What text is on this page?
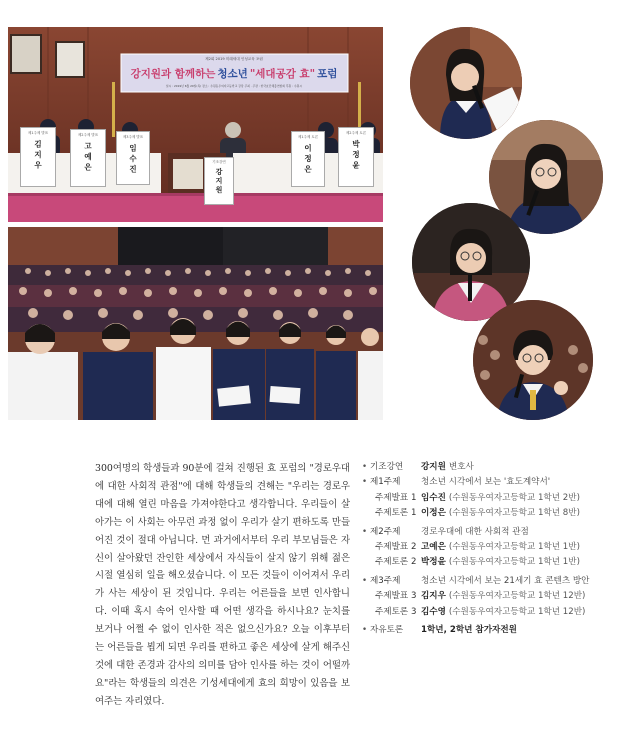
제2회 2019 미래세대 인성교육 포럼
강지원과 함께하는 청소년 "세대공감 효" 포럼
일시 : 2019년 6월 20일(목) 장소 : 수원동우여자고등학교 강당 주최 · 주관 : 한국효단체총연합회 후원 : 수원시
제1주제 발표
김지우
제2주제 발표
고예은
제3주제 발표
임수진	기조강연
강지원
제1주제 토론
이정은
제2주제 토론
박정윤

300여명의 학생들과 90분에 걸쳐 진행된 효 포럼의 "경로우대에 대한 사회적 관점"에 대해 학생들의 견해는 "우리는 경로우대에 대해 열린 마음을 가져야한다고 생각합니다. 우리들이 살아가는 이 사회는 아무런 과정 없이 우리가 살기 편하도록 만들어진 것이 절대 아닙니다. 먼 과거에서부터 우리 부모님들은 자신이 살아왔던 잔인한 세상에서 자식들이 살지 않기 위해 젊은 시절 열심히 일을 해오셨습니다. 이 모든 것들이 이어져서 우리가 사는 세상이 된 것입니다. 우리는 어른들을 보면 인사합니다. 이때 혹시 속어 인사할 때 어떤 생각을 하시나요? 눈치를 보거나 어쩔 수 없이 인사한 적은 없으신가요? 오늘 이후부터는 어른들을 뵙게 되면 우리를 편하고 좋은 세상에 살게 해주신 것에 대한 존경과 감사의 의미를 담아 인사를 하는 것이 어떨까요"라는 학생들의 의견은 기성세대에게 효의 희망이 있음을 보여주는 자리였다.

• 기조강연	강지원 변호사
• 제1주제	청소년 시각에서 보는 '효도계약서'
주제발표 1 임수진 (수원동우여자고등학교 1학년 2반)
주제토론 1 이정은 (수원동우여자고등학교 1학년 8반)
• 제2주제	경로우대에 대한 사회적 관점
주제발표 2 고예은 (수원동우여자고등학교 1학년 1반)
주제토론 2 박정윤 (수원동우여자고등학교 1학년 1반)
• 제3주제	청소년 시각에서 보는 21세기 효 콘텐츠 방안
주제발표 3 김지우 (수원동우여자고등학교 1학년 12반)
주제토론 3 김수영 (수원동우여자고등학교 1학년 12반)
• 자유토론	1학년, 2학년 참가자전원
